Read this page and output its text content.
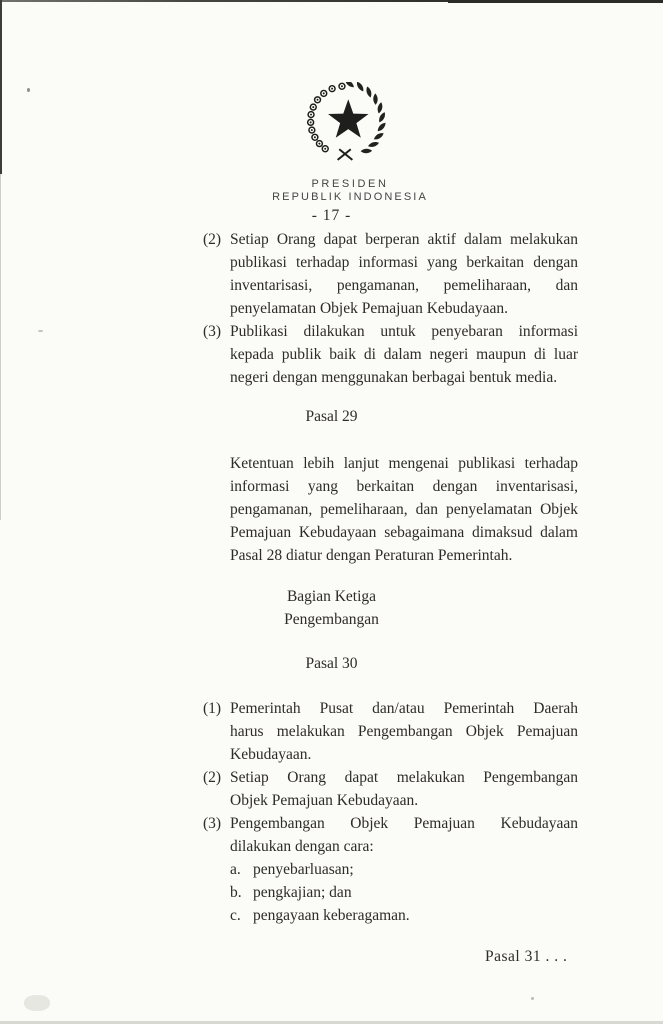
PRESIDEN
REPUBLIK INDONESIA
- 17 -
(2) Setiap Orang dapat berperan aktif dalam melakukan
publikasi terhadap informasi yang berkaitan dengan
inventarisasi, pengamanan, pemeliharaan, dan
penyelamatan Objek Pemajuan Kebudayaan.
(3) Publikasi dilakukan untuk penyebaran informasi
kepada publik baik di dalam negeri maupun di luar
negeri dengan menggunakan berbagai bentuk media.
Pasal 29
Ketentuan lebih lanjut mengenai publikasi terhadap
informasi yang berkaitan dengan inventarisasi,
pengamanan, pemeliharaan, dan penyelamatan Objek
Pemajuan Kebudayaan sebagaimana dimaksud dalam
Pasal 28 diatur dengan Peraturan Pemerintah.
Bagian Ketiga
Pengembangan
Pasal 30
(1) Pemerintah Pusat dan/atau Pemerintah Daerah
harus melakukan Pengembangan Objek Pemajuan
Kebudayaan.
(2) Setiap Orang dapat melakukan Pengembangan
Objek Pemajuan Kebudayaan.
(3) Pengembangan Objek Pemajuan Kebudayaan
dilakukan dengan cara:
a. penyebarluasan;
b. pengkajian; dan
c. pengayaan keberagaman.
Pasal 31 . . .
